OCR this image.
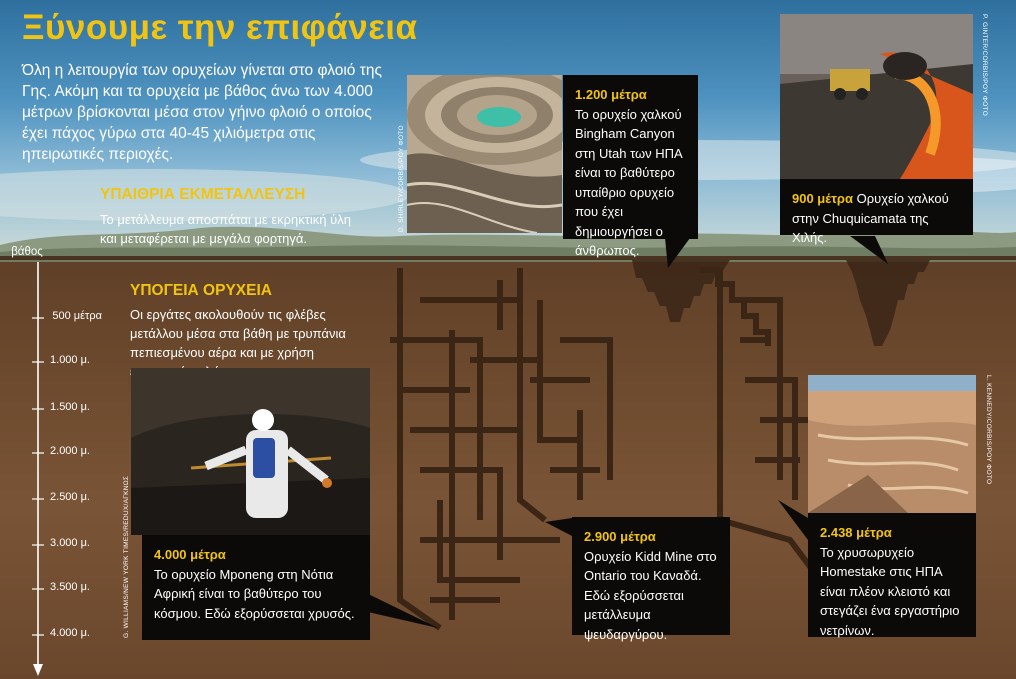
Ξύνουμε την επιφάνεια
Όλη η λειτουργία των ορυχείων γίνεται στο φλοιό της Γης. Ακόμη και τα ορυχεία με βάθος άνω των 4.000 μέτρων βρίσκονται μέσα στον γήινο φλοιό ο οποίος έχει πάχος γύρω στα 40-45 χιλιόμετρα στις ηπειρωτικές περιοχές.
ΥΠΑΙΘΡΙΑ ΕΚΜΕΤΑΛΛΕΥΣΗ
Το μετάλλευμα αποσπάται με εκρηκτική ύλη και μεταφέρεται με μεγάλα φορτηγά.
ΥΠΟΓΕΙΑ ΟΡΥΧΕΙΑ
Οι εργάτες ακολουθούν τις φλέβες μετάλλου μέσα στα βάθη με τρυπάνια πεπιεσμένου αέρα και με χρήση
βάθος
500 μέτρα
1.000 μ.
1.500 μ.
2.000 μ.
2.500 μ.
3.000 μ.
3.500 μ.
4.000 μ.
D. SHIRLEY/CORBIS/ΡΟΥ ΦΟΤΟ
1.200 μέτρα
Το ορυχείο χαλκού Bingham Canyon στη Utah των ΗΠΑ είναι το βαθύτερο υπαίθριο ορυχείο που έχει δημιουργήσει ο άνθρωπος.
P. GINTER/CORBIS/ΡΟΥ ΦΟΤΟ
900 μέτρα Ορυχείο χαλκού στην Chuquicamata της Χιλής.
G. WILLIAMS/NEW YORK TIMES/REDUX/ΑΓΚΝΩΣ 4.000 μέτρα
Το ορυχείο Mponeng στη Νότια Αφρική είναι το βαθύτερο του κόσμου. Εδώ εξορύσσεται χρυσός.
2.900 μέτρα
Ορυχείο Kidd Mine στο Ontario του Καναδά. Εδώ εξορύσσεται μετάλλευμα ψευδαργύρου.
L. KENNEDY/CORBIS/ΡΟΥ ΦΟΤΟ
2.438 μέτρα
Το χρυσωρυχείο Homestake στις ΗΠΑ είναι πλέον κλειστό και στεγάζει ένα εργαστήριο νετρίνων.
